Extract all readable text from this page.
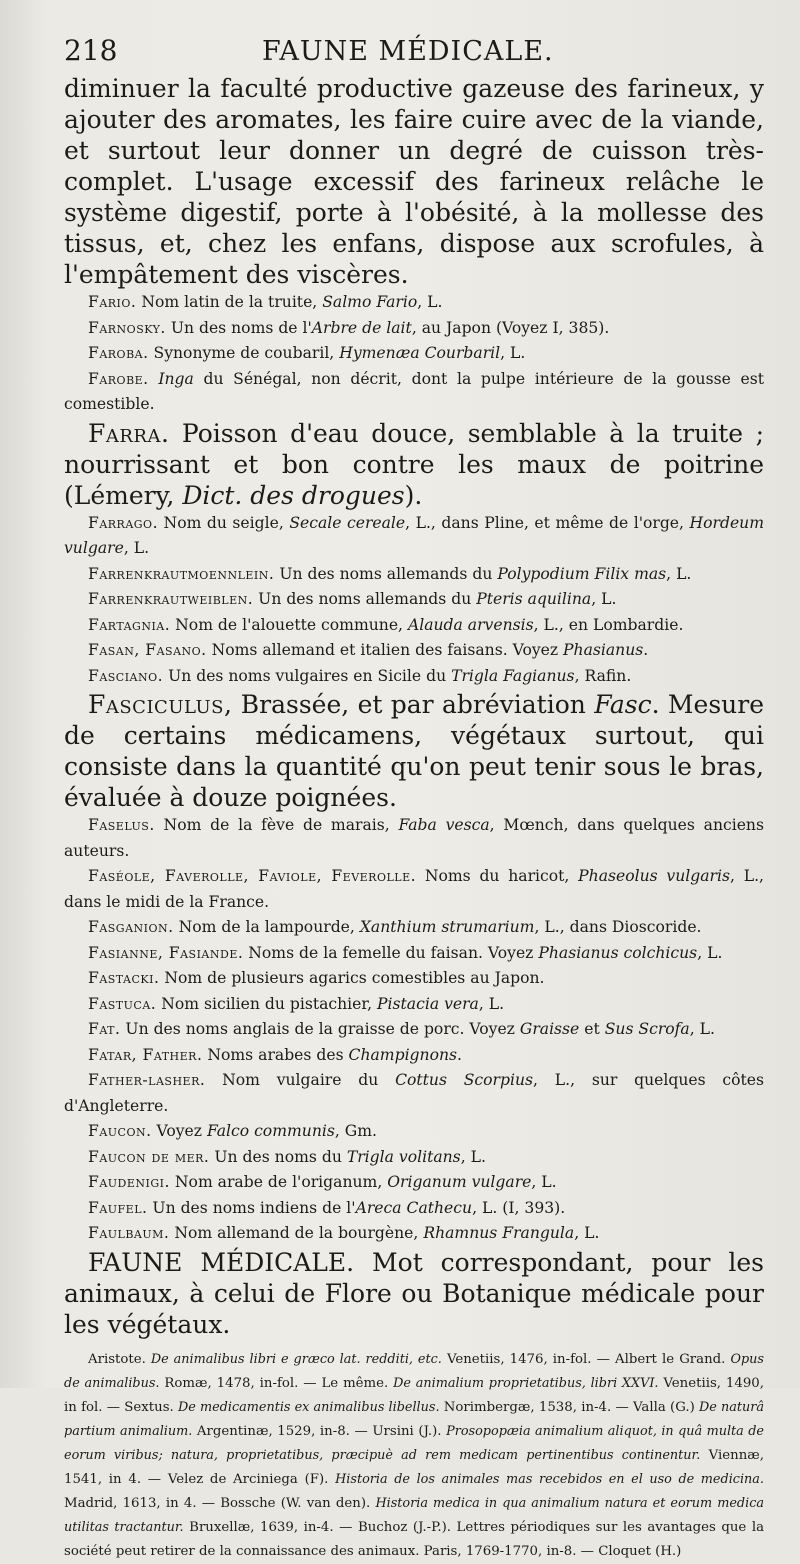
218	FAUNE MÉDICALE.

diminuer la faculté productive gazeuse des farineux, y ajouter des aromates, les faire cuire avec de la viande, et surtout leur donner un degré de cuisson très-complet. L'usage excessif des farineux relâche le système digestif, porte à l'obésité, à la mollesse des tissus, et, chez les enfans, dispose aux scrofules, à l'empâtement des viscères.

Fario. Nom latin de la truite, Salmo Fario, L.

Farnosky. Un des noms de l'Arbre de lait, au Japon (Voyez I, 385).

Faroba. Synonyme de coubaril, Hymenæa Courbaril, L.

Farobe. Inga du Sénégal, non décrit, dont la pulpe intérieure de la gousse est comestible.

Farra. Poisson d'eau douce, semblable à la truite ; nourrissant et bon contre les maux de poitrine (Lémery, Dict. des drogues).

Farrago. Nom du seigle, Secale cereale, L., dans Pline, et même de l'orge, Hordeum vulgare, L.

Farrenkrautmoennlein. Un des noms allemands du Polypodium Filix mas, L.

Farrenkrautweiblen. Un des noms allemands du Pteris aquilina, L.

Fartagnia. Nom de l'alouette commune, Alauda arvensis, L., en Lombardie.

Fasan, Fasano. Noms allemand et italien des faisans. Voyez Phasianus.

Fasciano. Un des noms vulgaires en Sicile du Trigla Fagianus, Rafin.

Fasciculus, Brassée, et par abréviation Fasc. Mesure de certains médicamens, végétaux surtout, qui consiste dans la quantité qu'on peut tenir sous le bras, évaluée à douze poignées.

Faselus. Nom de la fève de marais, Faba vesca, Mœnch, dans quelques anciens auteurs.

Faséole, Faverolle, Faviole, Feverolle. Noms du haricot, Phaseolus vulgaris, L., dans le midi de la France.

Fasganion. Nom de la lampourde, Xanthium strumarium, L., dans Dioscoride.

Fasianne, Fasiande. Noms de la femelle du faisan. Voyez Phasianus colchicus, L.

Fastacki. Nom de plusieurs agarics comestibles au Japon.

Fastuca. Nom sicilien du pistachier, Pistacia vera, L.

Fat. Un des noms anglais de la graisse de porc. Voyez Graisse et Sus Scrofa, L.

Fatar, Father. Noms arabes des Champignons.

Father-lasher. Nom vulgaire du Cottus Scorpius, L., sur quelques côtes d'Angleterre.

Faucon. Voyez Falco communis, Gm.

Faucon de mer. Un des noms du Trigla volitans, L.

Faudenigi. Nom arabe de l'origanum, Origanum vulgare, L.

Faufel. Un des noms indiens de l'Areca Cathecu, L. (I, 393).

Faulbaum. Nom allemand de la bourgène, Rhamnus Frangula, L.

FAUNE MÉDICALE. Mot correspondant, pour les animaux, à celui de Flore ou Botanique médicale pour les végétaux.

Aristote. De animalibus libri e græco lat. redditi, etc. Venetiis, 1476, in-fol. — Albert le Grand. Opus de animalibus. Romæ, 1478, in-fol. — Le même. De animalium proprietatibus, libri XXVI. Venetiis, 1490, in fol. — Sextus. De medicamentis ex animalibus libellus. Norimbergæ, 1538, in-4. — Valla (G.) De naturâ partium animalium. Argentinæ, 1529, in-8. — Ursini (J.). Prosopopæia animalium aliquot, in quâ multa de eorum viribus; natura, proprietatibus, præcipuè ad rem medicam pertinentibus continentur. Viennæ, 1541, in 4. — Velez de Arciniega (F). Historia de los animales mas recebidos en el uso de medicina. Madrid, 1613, in 4. — Bossche (W. van den). Historia medica in qua animalium natura et eorum medica utilitas tractantur. Bruxellæ, 1639, in-4. — Buchoz (J.-P.). Lettres périodiques sur les avantages que la société peut retirer de la connaissance des animaux. Paris, 1769-1770, in-8. — Cloquet (H.)
